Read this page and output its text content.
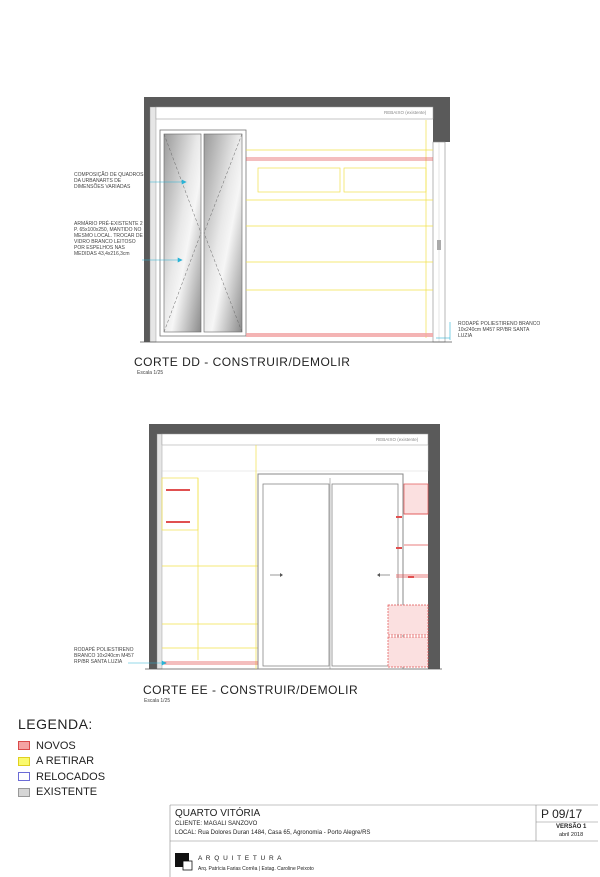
REBAIXO (existente)
COMPOSIÇÃO DE QUADROS DA URBANARTS DE DIMENSÕES VARIADAS
ARMÁRIO PRÉ-EXISTENTE 2 P. 65x100x250, MANTIDO NO MESMO LOCAL. TROCAR DE VIDRO BRANCO LEITOSO POR ESPELHOS NAS MEDIDAS 43,4x216,3cm
RODAPÉ POLIESTIRENO BRANCO 10x240cm M457 RP/BR SANTA LUZIA
CORTE DD - CONSTRUIR/DEMOLIR
Escala 1/25
REBAIXO (existente)
RODAPÉ POLIESTIRENO BRANCO 10x240cm M457 RP/BR SANTA LUZIA
CORTE EE - CONSTRUIR/DEMOLIR
Escala 1/25
LEGENDA:
NOVOS
A RETIRAR
RELOCADOS
EXISTENTE
QUARTO VITÓRIA
CLIENTE: MAGALI SANZOVO
LOCAL: Rua Dolores Duran 1484, Casa 65, Agronomia - Porto Alegre/RS
P 09/17
VERSÃO 1
abril 2018
A R Q U I T E T U R A
Arq. Patrícia Farias Corrêa | Estag. Caroline Peixoto
